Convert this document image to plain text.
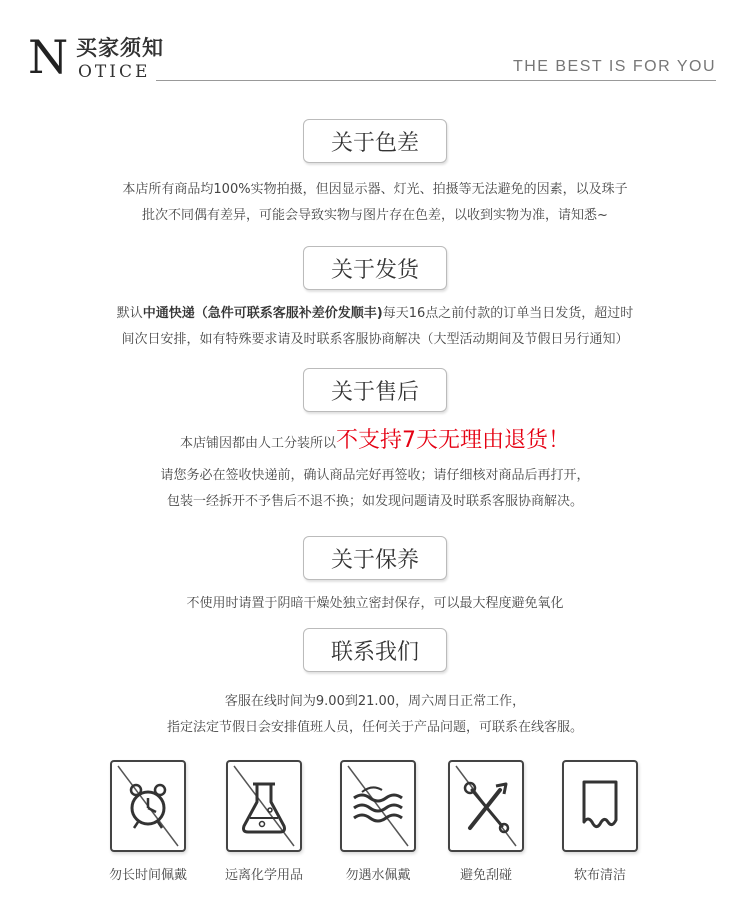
N 买家须知
OTICE	THE BEST IS FOR YOU
关于色差
本店所有商品均100%实物拍摄，但因显示器、灯光、拍摄等无法避免的因素，以及珠子
批次不同偶有差异，可能会导致实物与图片存在色差，以收到实物为准，请知悉~
关于发货
默认中通快递（急件可联系客服补差价发顺丰)每天16点之前付款的订单当日发货，超过时
间次日安排，如有特殊要求请及时联系客服协商解决（大型活动期间及节假日另行通知）
关于售后
本店铺因都由人工分装所以不支持7天无理由退货！
请您务必在签收快递前，确认商品完好再签收；请仔细核对商品后再打开，
包装一经拆开不予售后不退不换；如发现问题请及时联系客服协商解决。
关于保养
不使用时请置于阴暗干燥处独立密封保存，可以最大程度避免氧化
联系我们
客服在线时间为9.00到21.00，周六周日正常工作，
指定法定节假日会安排值班人员，任何关于产品问题，可联系在线客服。
勿长时间佩戴	远离化学用品	勿遇水佩戴	避免刮碰	软布清洁
